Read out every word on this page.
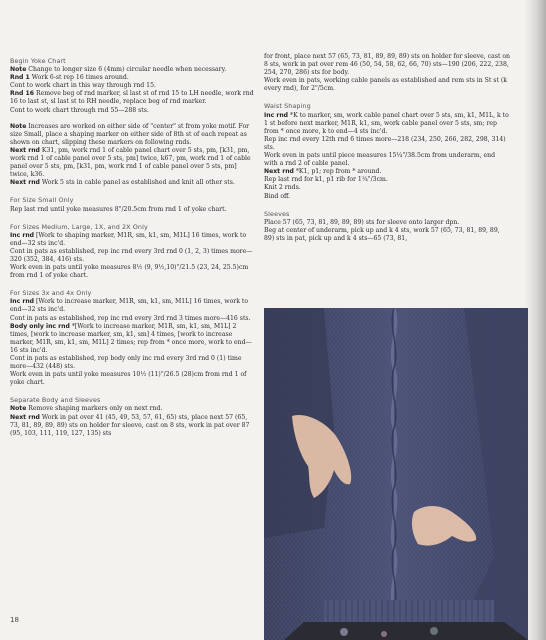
Begin Yoke Chart

Note Change to longer size 6 (4mm) circular needle when necessary.

Rnd 1 Work 6-st rep 16 times around.

Cont to work chart in this way through rnd 15.

Rnd 16 Remove beg of rnd marker, sl last st of rnd 15 to LH needle, work rnd 16 to last st, sl last st to RH needle, replace beg of rnd marker.

Cont to work chart through rnd 55—288 sts.

Note Increases are worked on either side of "center" st from yoke motif. For size Small, place a shaping marker on either side of 8th st of each repeat as shown on chart, slipping these markers on following rnds.

Next rnd K31, pm, work rnd 1 of cable panel chart over 5 sts, pm, [k31, pm, work rnd 1 of cable panel over 5 sts, pm] twice, k67, pm, work rnd 1 of cable panel over 5 sts, pm, [k31, pm, work rnd 1 of cable panel over 5 sts, pm] twice, k36.

Next rnd Work 5 sts in cable panel as established and knit all other sts.

For Size Small Only

Rep last rnd until yoke measures 8"/20.5cm from rnd 1 of yoke chart.

For Sizes Medium, Large, 1X, and 2X Only

Inc rnd [Work to shaping marker, M1R, sm, k1, sm, M1L] 16 times, work to end—32 sts inc'd.

Cont in pats as established, rep inc rnd every 3rd rnd 0 (1, 2, 3) times more—320 (352, 384, 416) sts.

Work even in pats until yoke measures 8½ (9, 9½,10)"/21.5 (23, 24, 25.5)cm from rnd 1 of yoke chart.

For Sizes 3x and 4x Only

Inc rnd [Work to increase marker, M1R, sm, k1, sm, M1L] 16 times, work to end—32 sts inc'd.

Cont in pats as established, rep inc rnd every 3rd rnd 3 times more—416 sts.

Body only inc rnd *[Work to increase marker, M1R, sm, k1, sm, M1L] 2 times, [work to increase marker, sm, k1, sm] 4 times, [work to increase marker, M1R, sm, k1, sm, M1L] 2 times; rep from * once more, work to end—16 sts inc'd.

Cont in pats as established, rep body only inc rnd every 3rd rnd 0 (1) time more—432 (448) sts.

Work even in pats until yoke measures 10½ (11)"/26.5 (28)cm from rnd 1 of yoke chart.

Separate Body and Sleeves

Note Remove shaping markers only on next rnd.

Next rnd Work in pat over 41 (45, 49, 53, 57, 61, 65) sts, place next 57 (65, 73, 81, 89, 89, 89) sts on holder for sleeve, cast on 8 sts, work in pat over 87 (95, 103, 111, 119, 127, 135) sts

for front, place next 57 (65, 73, 81, 89, 89, 89) sts on holder for sleeve, cast on 8 sts, work in pat over rem 46 (50, 54, 58, 62, 66, 70) sts—190 (206, 222, 238, 254, 270, 286) sts for body.

Work even in pats, working cable panels as established and rem sts in St st (k every rnd), for 2"/5cm.

Waist Shaping

Inc rnd *K to marker, sm, work cable panel chart over 5 sts, sm, k1, M1L, k to 1 st before next marker, M1R, k1, sm, work cable panel over 5 sts, sm; rep from * once more, k to end—4 sts inc'd.

Rep inc rnd every 12th rnd 6 times more—218 (234, 250, 266, 282, 298, 314) sts.

Work even in pats until piece measures 15¼"/38.5cm from underarm, end with a rnd 2 of cable panel.

Next rnd *K1, p1; rep from * around.

Rep last rnd for k1, p1 rib for 1¼"/3cm.

Knit 2 rnds.

Bind off.

Sleeves

Place 57 (65, 73, 81, 89, 89, 89) sts for sleeve onto larger dpn.

Beg at center of underarm, pick up and k 4 sts, work 57 (65, 73, 81, 89, 89, 89) sts in pat, pick up and k 4 sts—65 (73, 81,

18
